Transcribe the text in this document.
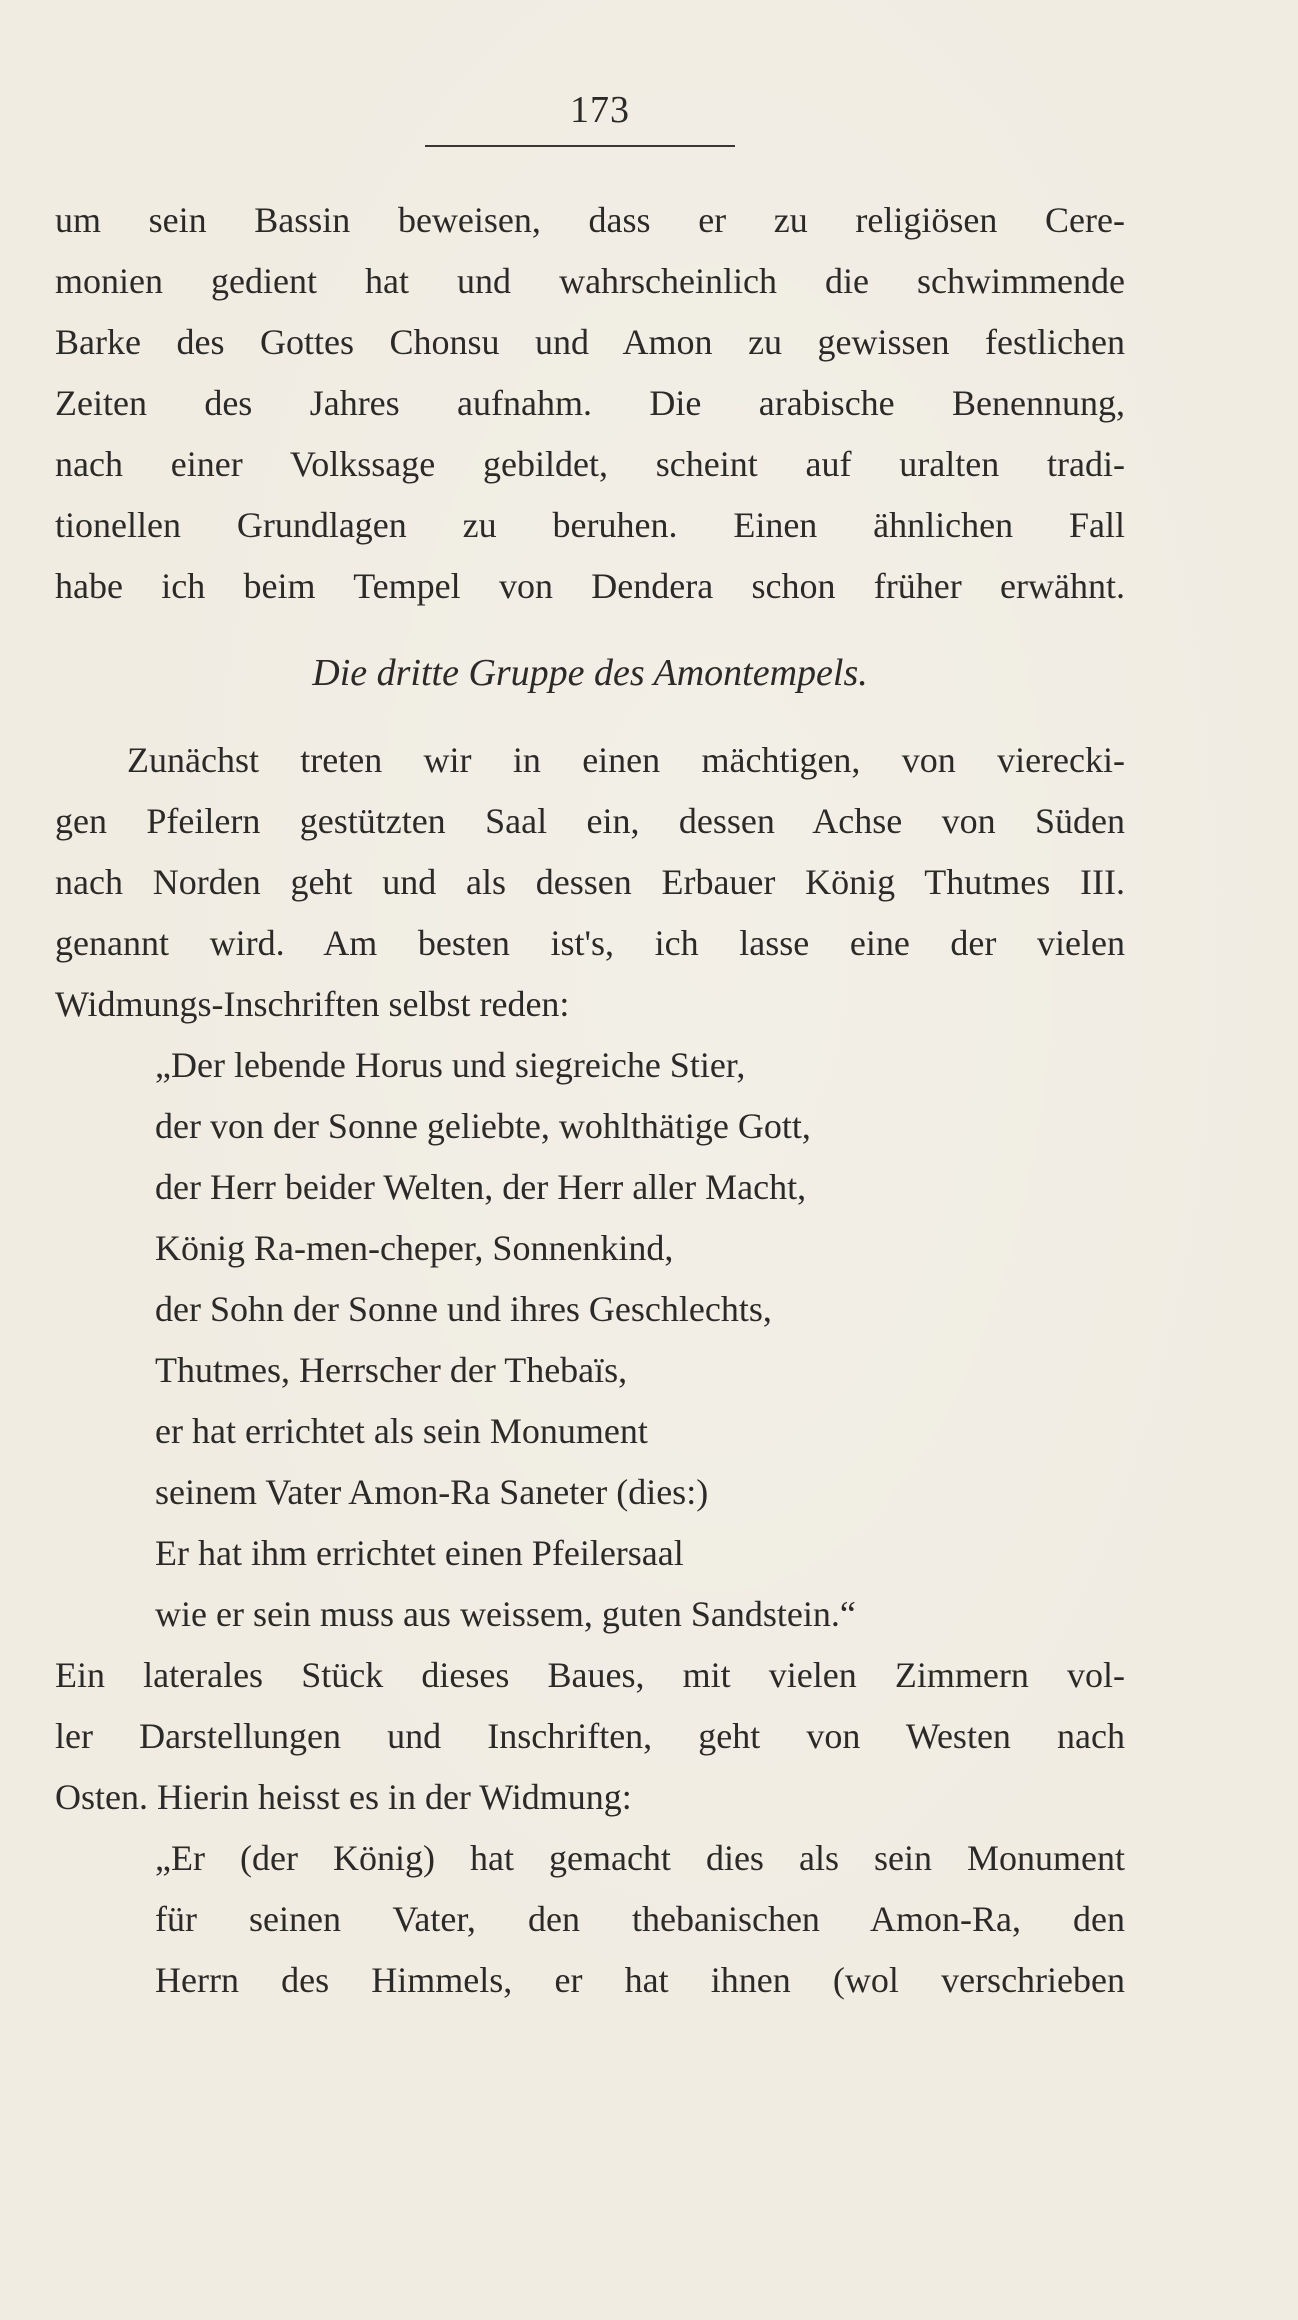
173
um sein Bassin beweisen, dass er zu religiösen Cere-
monien gedient hat und wahrscheinlich die schwimmende
Barke des Gottes Chonsu und Amon zu gewissen festlichen
Zeiten des Jahres aufnahm. Die arabische Benennung,
nach einer Volkssage gebildet, scheint auf uralten tradi-
tionellen Grundlagen zu beruhen. Einen ähnlichen Fall
habe ich beim Tempel von Dendera schon früher erwähnt.
Die dritte Gruppe des Amontempels.
Zunächst treten wir in einen mächtigen, von vierecki-
gen Pfeilern gestützten Saal ein, dessen Achse von Süden
nach Norden geht und als dessen Erbauer König Thutmes III.
genannt wird. Am besten ist's, ich lasse eine der vielen
Widmungs-Inschriften selbst reden:
„Der lebende Horus und siegreiche Stier,
der von der Sonne geliebte, wohlthätige Gott,
der Herr beider Welten, der Herr aller Macht,
König Ra-men-cheper, Sonnenkind,
der Sohn der Sonne und ihres Geschlechts,
Thutmes, Herrscher der Thebaïs,
er hat errichtet als sein Monument
seinem Vater Amon-Ra Saneter (dies:)
Er hat ihm errichtet einen Pfeilersaal
wie er sein muss aus weissem, guten Sandstein.“
Ein laterales Stück dieses Baues, mit vielen Zimmern vol-
ler Darstellungen und Inschriften, geht von Westen nach
Osten. Hierin heisst es in der Widmung:
„Er (der König) hat gemacht dies als sein Monument
für seinen Vater, den thebanischen Amon-Ra, den
Herrn des Himmels, er hat ihnen (wol verschrieben
